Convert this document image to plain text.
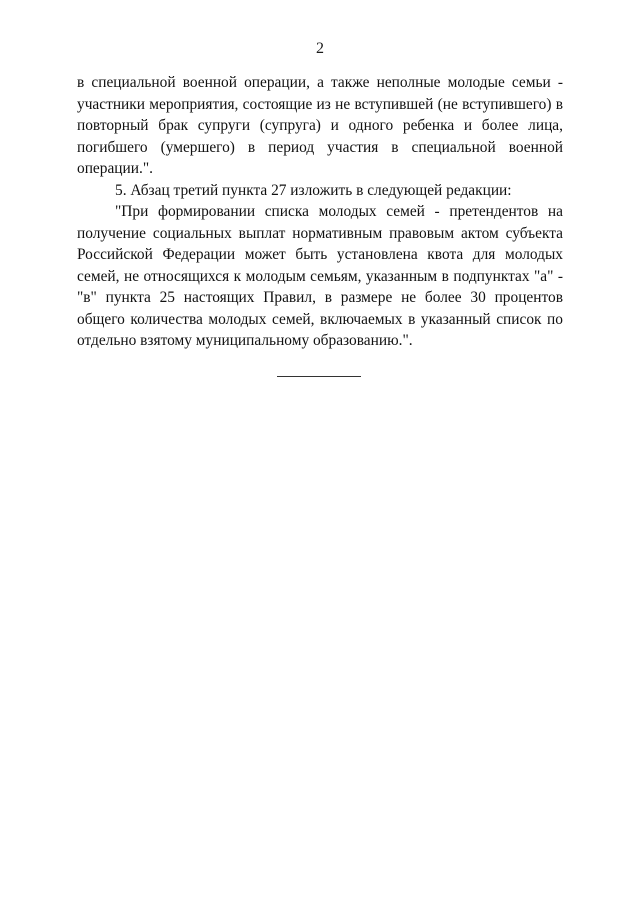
2

в специальной военной операции, а также неполные молодые семьи - участники мероприятия, состоящие из не вступившей (не вступившего) в повторный брак супруги (супруга) и одного ребенка и более лица, погибшего (умершего) в период участия в специальной военной операции.".

5. Абзац третий пункта 27 изложить в следующей редакции:

"При формировании списка молодых семей - претендентов на получение социальных выплат нормативным правовым актом субъекта Российской Федерации может быть установлена квота для молодых семей, не относящихся к молодым семьям, указанным в подпунктах "а" - "в" пункта 25 настоящих Правил, в размере не более 30 процентов общего количества молодых семей, включаемых в указанный список по отдельно взятому муниципальному образованию.".
